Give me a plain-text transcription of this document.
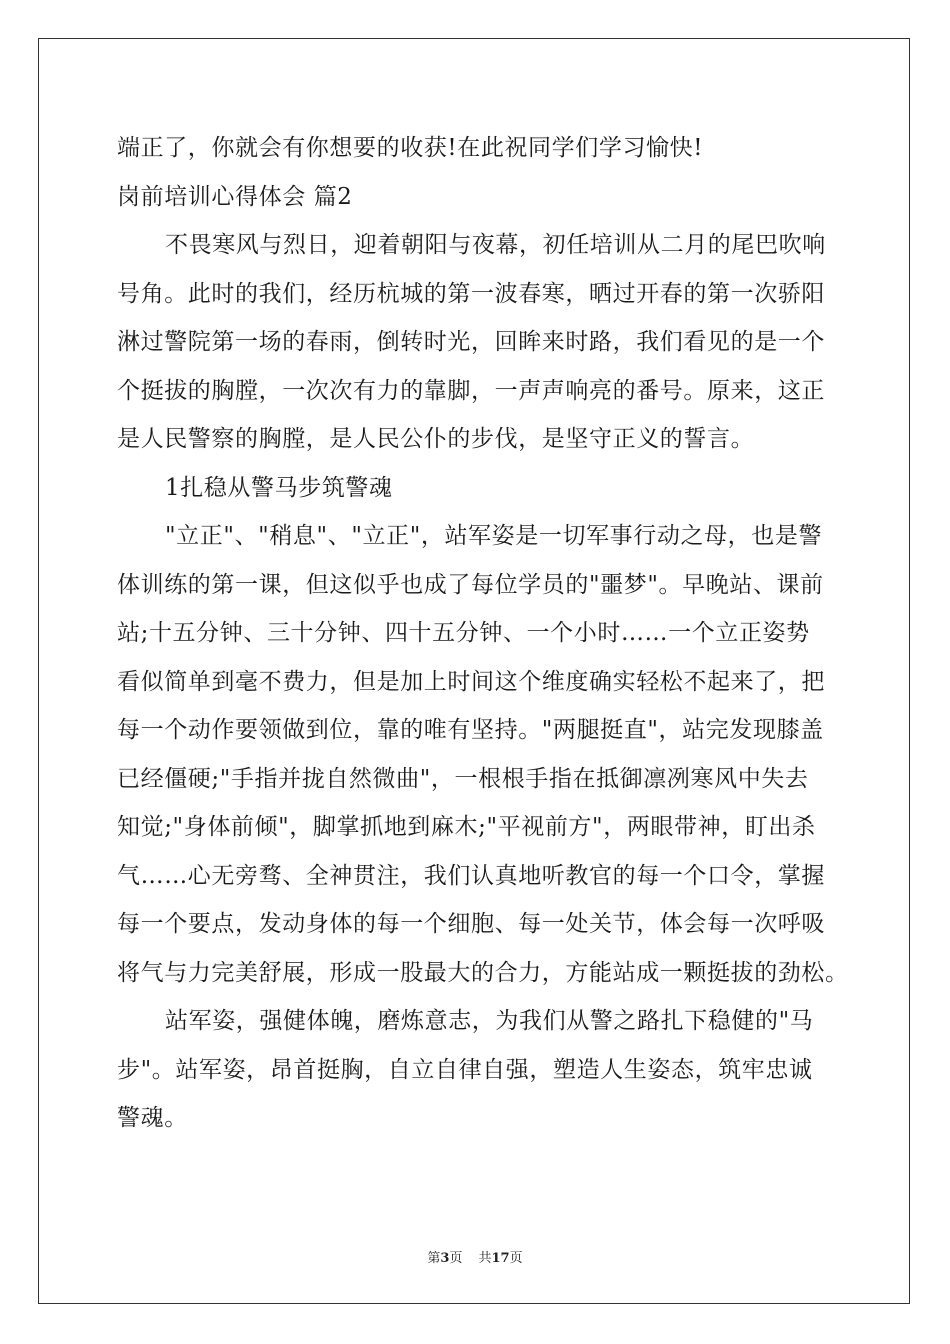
端正了，你就会有你想要的收获!在此祝同学们学习愉快!
岗前培训心得体会 篇2
不畏寒风与烈日，迎着朝阳与夜幕，初任培训从二月的尾巴吹响
号角。此时的我们，经历杭城的第一波春寒，晒过开春的第一次骄阳
淋过警院第一场的春雨，倒转时光，回眸来时路，我们看见的是一个
个挺拔的胸膛，一次次有力的靠脚，一声声响亮的番号。原来，这正
是人民警察的胸膛，是人民公仆的步伐，是坚守正义的誓言。
1扎稳从警马步筑警魂
"立正"、"稍息"、"立正"，站军姿是一切军事行动之母，也是警
体训练的第一课，但这似乎也成了每位学员的"噩梦"。早晚站、课前
站;十五分钟、三十分钟、四十五分钟、一个小时……一个立正姿势
看似简单到毫不费力，但是加上时间这个维度确实轻松不起来了，把
每一个动作要领做到位，靠的唯有坚持。"两腿挺直"，站完发现膝盖
已经僵硬;"手指并拢自然微曲"，一根根手指在抵御凛冽寒风中失去
知觉;"身体前倾"，脚掌抓地到麻木;"平视前方"，两眼带神，盯出杀
气……心无旁骛、全神贯注，我们认真地听教官的每一个口令，掌握
每一个要点，发动身体的每一个细胞、每一处关节，体会每一次呼吸
将气与力完美舒展，形成一股最大的合力，方能站成一颗挺拔的劲松。
站军姿，强健体魄，磨炼意志，为我们从警之路扎下稳健的"马
步"。站军姿，昂首挺胸，自立自律自强，塑造人生姿态，筑牢忠诚
警魂。
第3页 共17页
